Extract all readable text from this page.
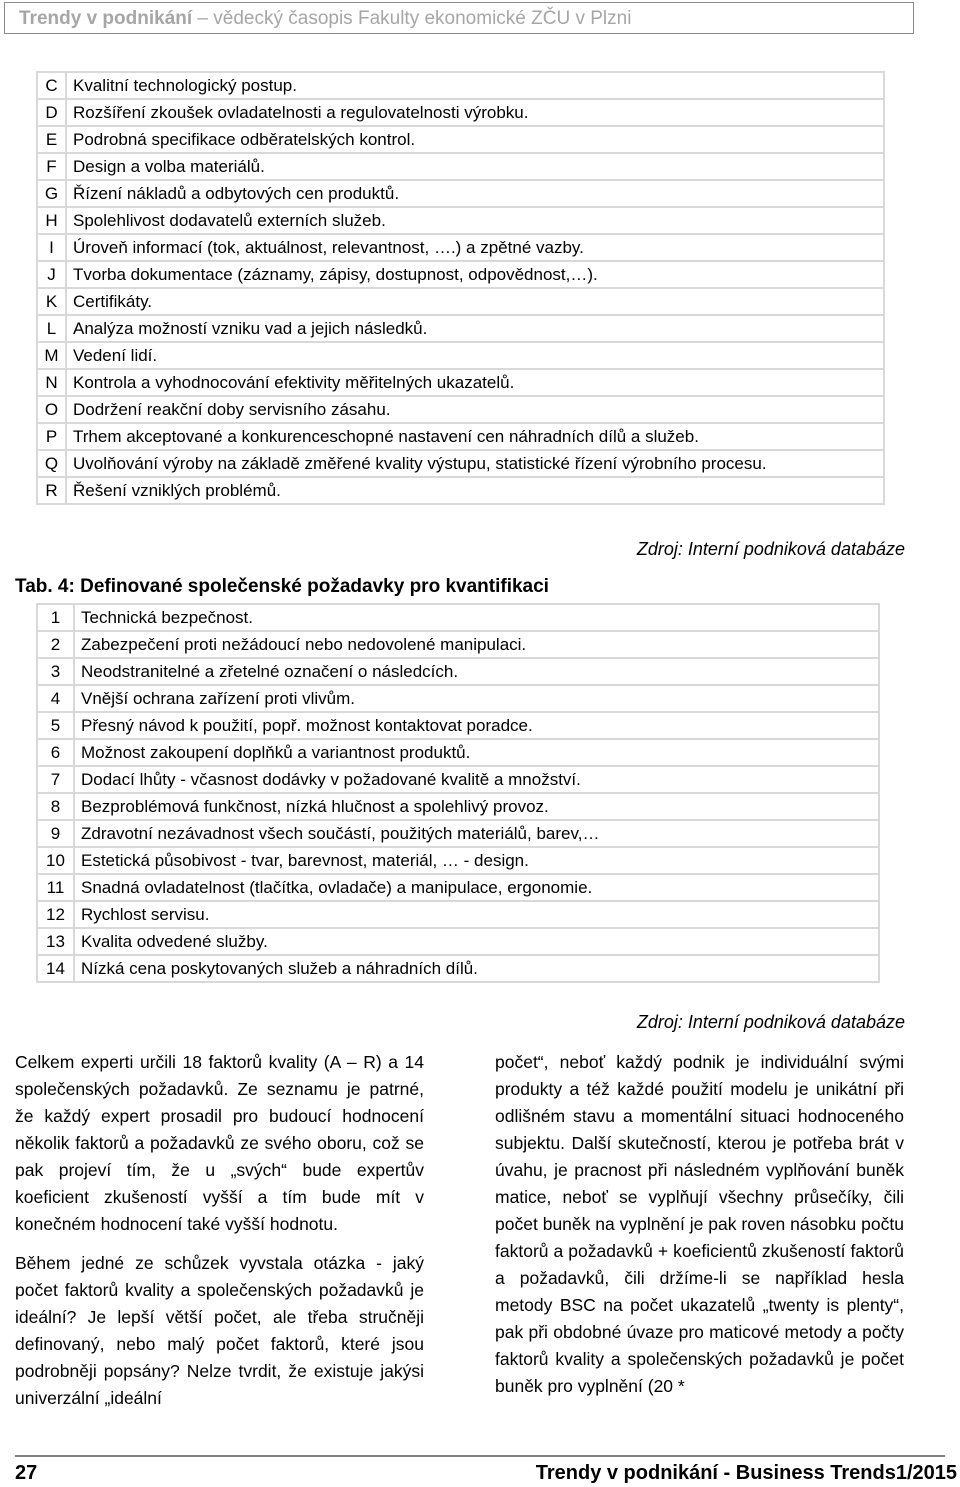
Trendy v podnikání – vědecký časopis Fakulty ekonomické ZČU v Plzni
C	Kvalitní technologický postup.
D	Rozšíření zkoušek ovladatelnosti a regulovatelnosti výrobku.
E	Podrobná specifikace odběratelských kontrol.
F	Design a volba materiálů.
G	Řízení nákladů a odbytových cen produktů.
H	Spolehlivost dodavatelů externích služeb.
I	Úroveň informací (tok, aktuálnost, relevantnost, ….) a zpětné vazby.
J	Tvorba dokumentace (záznamy, zápisy, dostupnost, odpovědnost,…).
K	Certifikáty.
L	Analýza možností vzniku vad a jejich následků.
M	Vedení lidí.
N	Kontrola a vyhodnocování efektivity měřitelných ukazatelů.
O	Dodržení reakční doby servisního zásahu.
P	Trhem akceptované a konkurenceschopné nastavení cen náhradních dílů a služeb.
Q	Uvolňování výroby na základě změřené kvality výstupu, statistické řízení výrobního procesu.
R	Řešení vzniklých problémů.
Zdroj: Interní podniková databáze
Tab. 4: Definované společenské požadavky pro kvantifikaci
1	Technická bezpečnost.
2	Zabezpečení proti nežádoucí nebo nedovolené manipulaci.
3	Neodstranitelné a zřetelné označení o následcích.
4	Vnější ochrana zařízení proti vlivům.
5	Přesný návod k použití, popř. možnost kontaktovat poradce.
6	Možnost zakoupení doplňků a variantnost produktů.
7	Dodací lhůty - včasnost dodávky v požadované kvalitě a množství.
8	Bezproblémová funkčnost, nízká hlučnost a spolehlivý provoz.
9	Zdravotní nezávadnost všech součástí, použitých materiálů, barev,…
10	Estetická působivost - tvar, barevnost, materiál, … - design.
11	Snadná ovladatelnost (tlačítka, ovladače) a manipulace, ergonomie.
12	Rychlost servisu.
13	Kvalita odvedené služby.
14	Nízká cena poskytovaných služeb a náhradních dílů.
Zdroj: Interní podniková databáze

Celkem experti určili 18 faktorů kvality (A – R) a 14 společenských požadavků. Ze seznamu je patrné, že každý expert prosadil pro budoucí hodnocení několik faktorů a požadavků ze svého oboru, což se pak projeví tím, že u „svých“ bude expertův koeficient zkušeností vyšší a tím bude mít v konečném hodnocení také vyšší hodnotu.

Během jedné ze schůzek vyvstala otázka - jaký počet faktorů kvality a společenských požadavků je ideální? Je lepší větší počet, ale třeba stručněji definovaný, nebo malý počet faktorů, které jsou podrobněji popsány? Nelze tvrdit, že existuje jakýsi univerzální „ideální

počet“, neboť každý podnik je individuální svými produkty a též každé použití modelu je unikátní při odlišném stavu a momentální situaci hodnoceného subjektu. Další skutečností, kterou je potřeba brát v úvahu, je pracnost při následném vyplňování buněk matice, neboť se vyplňují všechny průsečíky, čili počet buněk na vyplnění je pak roven násobku počtu faktorů a požadavků + koeficientů zkušeností faktorů a požadavků, čili držíme-li se například hesla metody BSC na počet ukazatelů „twenty is plenty“, pak při obdobné úvaze pro maticové metody a počty faktorů kvality a společenských požadavků je počet buněk pro vyplnění (20 *

27	Trendy v podnikání - Business Trends1/2015
